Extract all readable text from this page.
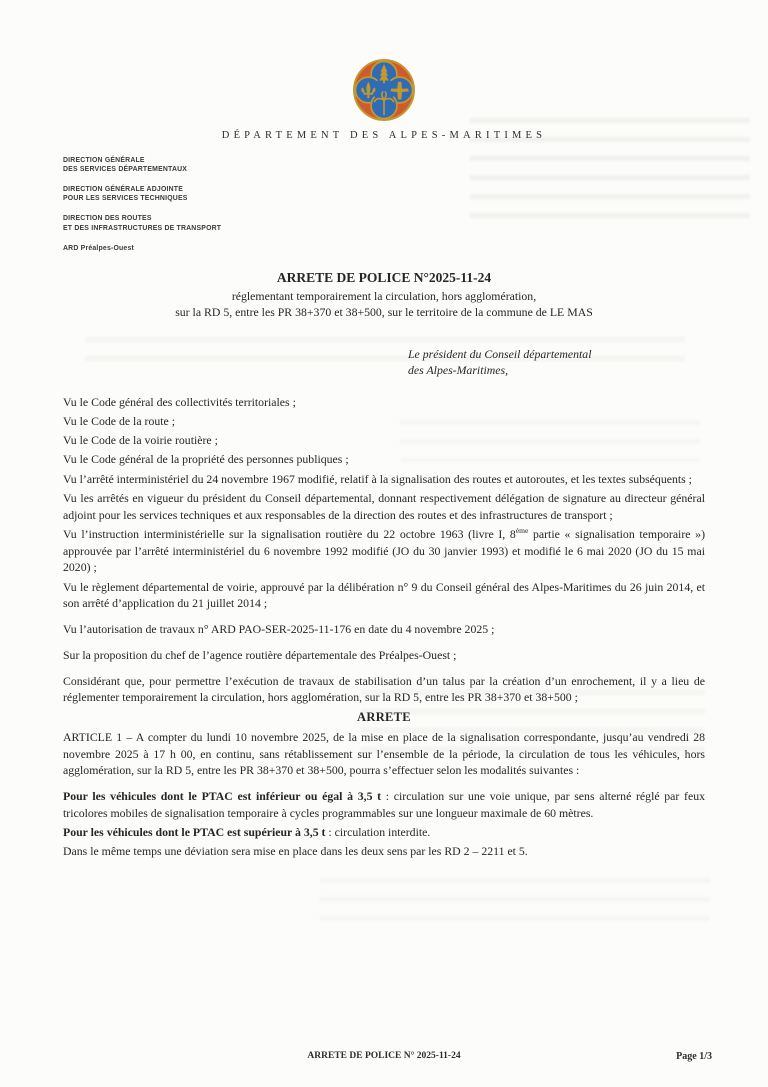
DÉPARTEMENT DES ALPES-MARITIMES
DIRECTION GÉNÉRALE
DES SERVICES DÉPARTEMENTAUX
DIRECTION GÉNÉRALE ADJOINTE
POUR LES SERVICES TECHNIQUES
DIRECTION DES ROUTES
ET DES INFRASTRUCTURES DE TRANSPORT
ARD Préalpes-Ouest

ARRETE DE POLICE N°2025-11-24

réglementant temporairement la circulation, hors agglomération,

sur la RD 5, entre les PR 38+370 et 38+500, sur le territoire de la commune de LE MAS

Le président du Conseil départemental
des Alpes-Maritimes,

Vu le Code général des collectivités territoriales ;

Vu le Code de la route ;

Vu le Code de la voirie routière ;

Vu le Code général de la propriété des personnes publiques ;

Vu l’arrêté interministériel du 24 novembre 1967 modifié, relatif à la signalisation des routes et autoroutes, et les textes subséquents ;

Vu les arrêtés en vigueur du président du Conseil départemental, donnant respectivement délégation de signature au directeur général adjoint pour les services techniques et aux responsables de la direction des routes et des infrastructures de transport ;

Vu l’instruction interministérielle sur la signalisation routière du 22 octobre 1963 (livre I, 8ème partie « signalisation temporaire ») approuvée par l’arrêté interministériel du 6 novembre 1992 modifié (JO du 30 janvier 1993) et modifié le 6 mai 2020 (JO du 15 mai 2020) ;

Vu le règlement départemental de voirie, approuvé par la délibération n° 9 du Conseil général des Alpes-Maritimes du 26 juin 2014, et son arrêté d’application du 21 juillet 2014 ;

Vu l’autorisation de travaux n° ARD PAO-SER-2025-11-176 en date du 4 novembre 2025 ;

Sur la proposition du chef de l’agence routière départementale des Préalpes-Ouest ;

Considérant que, pour permettre l’exécution de travaux de stabilisation d’un talus par la création d’un enrochement, il y a lieu de réglementer temporairement la circulation, hors agglomération, sur la RD 5, entre les PR 38+370 et 38+500 ;

ARRETE

ARTICLE 1 – A compter du lundi 10 novembre 2025, de la mise en place de la signalisation correspondante, jusqu’au vendredi 28 novembre 2025 à 17 h 00, en continu, sans rétablissement sur l’ensemble de la période, la circulation de tous les véhicules, hors agglomération, sur la RD 5, entre les PR 38+370 et 38+500, pourra s’effectuer selon les modalités suivantes :

Pour les véhicules dont le PTAC est inférieur ou égal à 3,5 t : circulation sur une voie unique, par sens alterné réglé par feux tricolores mobiles de signalisation temporaire à cycles programmables sur une longueur maximale de 60 mètres.

Pour les véhicules dont le PTAC est supérieur à 3,5 t : circulation interdite.

Dans le même temps une déviation sera mise en place dans les deux sens par les RD 2 – 2211 et 5.

ARRETE DE POLICE N° 2025-11-24	Page 1/3
